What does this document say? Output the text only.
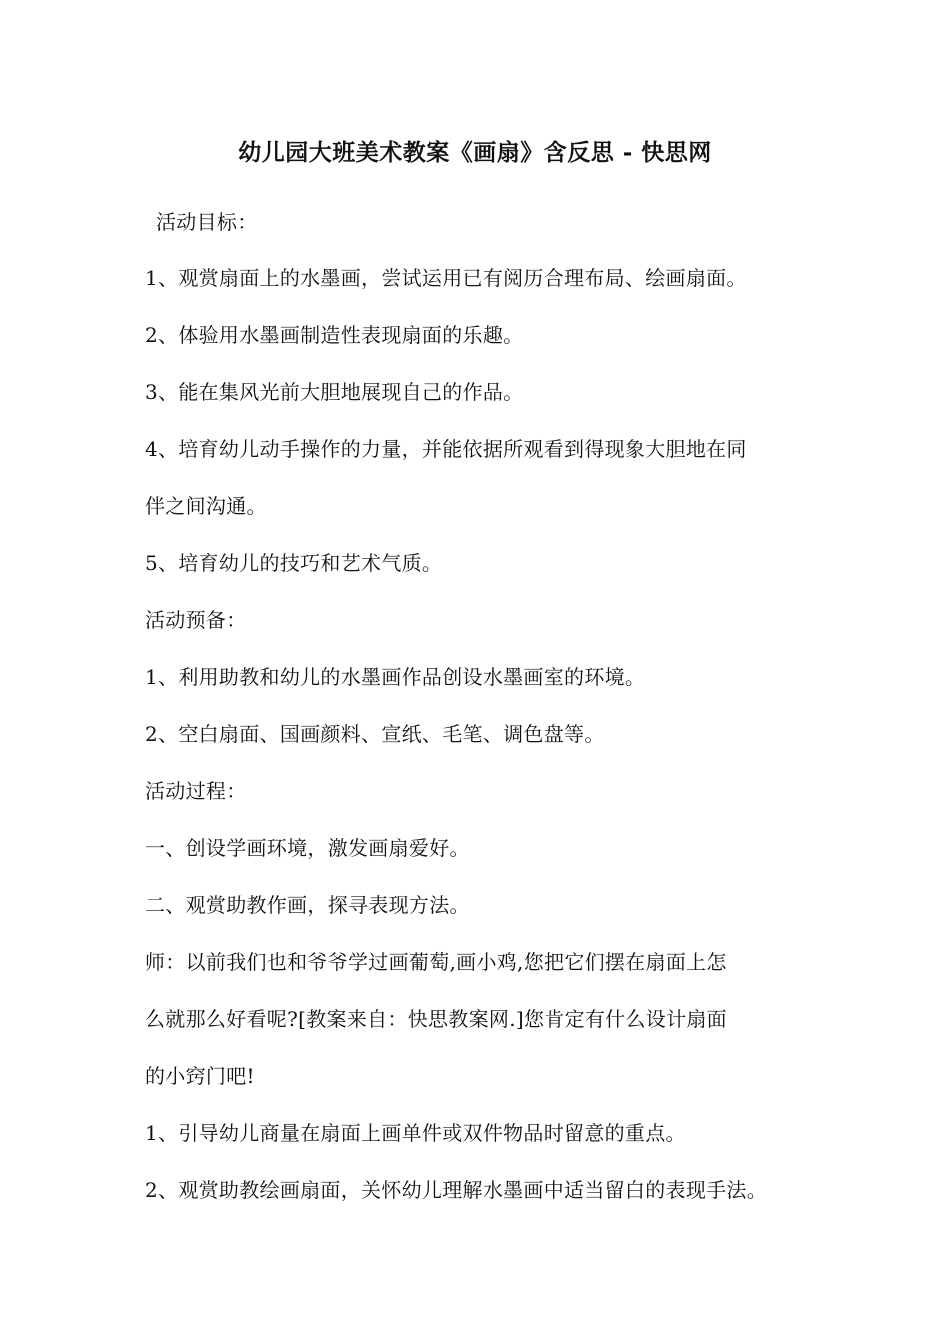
幼儿园大班美术教案《画扇》含反思 - 快思网
活动目标：
1、观赏扇面上的水墨画，尝试运用已有阅历合理布局、绘画扇面。
2、体验用水墨画制造性表现扇面的乐趣。
3、能在集风光前大胆地展现自己的作品。
4、培育幼儿动手操作的力量，并能依据所观看到得现象大胆地在同
伴之间沟通。
5、培育幼儿的技巧和艺术气质。
活动预备：
1、利用助教和幼儿的水墨画作品创设水墨画室的环境。
2、空白扇面、国画颜料、宣纸、毛笔、调色盘等。
活动过程：
一、创设学画环境，激发画扇爱好。
二、观赏助教作画，探寻表现方法。
师：以前我们也和爷爷学过画葡萄,画小鸡,您把它们摆在扇面上怎
么就那么好看呢?[教案来自：快思教案网.]您肯定有什么设计扇面
的小窍门吧!
1、引导幼儿商量在扇面上画单件或双件物品时留意的重点。
2、观赏助教绘画扇面，关怀幼儿理解水墨画中适当留白的表现手法。
